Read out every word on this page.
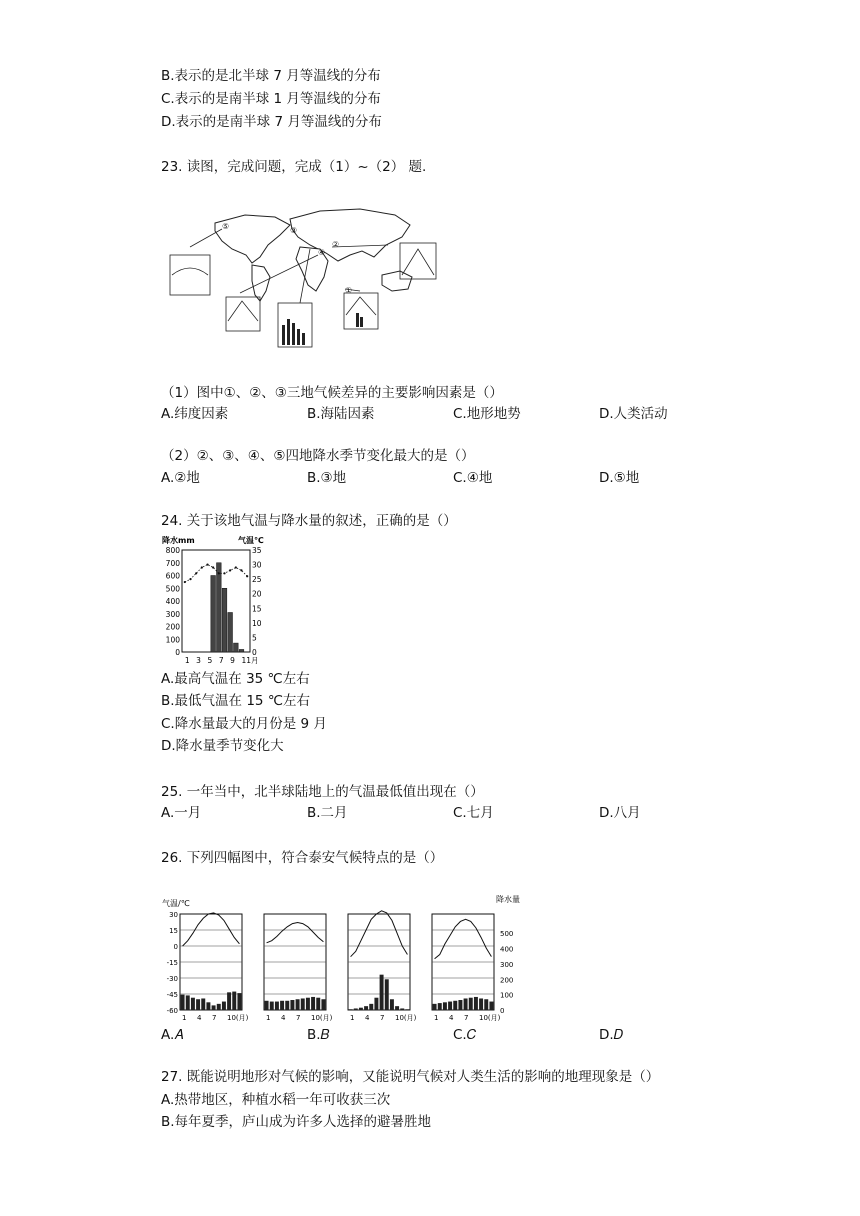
B.表示的是北半球 7 月等温线的分布
C.表示的是南半球 1 月等温线的分布
D.表示的是南半球 7 月等温线的分布
23. 读图，完成问题，完成（1）~（2） 题.
⑤
②
④
③
①
（1）图中①、②、③三地气候差异的主要影响因素是（）
A.纬度因素	B.海陆因素	C.地形地势	D.人类活动
（2）②、③、④、⑤四地降水季节变化最大的是（）
A.②地	B.③地	C.④地	D.⑤地
24. 关于该地气温与降水量的叙述，正确的是（）
降水mm	气温℃
800
700
600
500
400
300
200
100
0
35
30
25
20
15
10
5
0
1 3 5 7 9 11月
A.最高气温在 35 ℃左右
B.最低气温在 15 ℃左右
C.降水量最大的月份是 9 月
D.降水量季节变化大
25. 一年当中，北半球陆地上的气温最低值出现在（）
A.一月	B.二月	C.七月	D.八月
26. 下列四幅图中，符合泰安气候特点的是（）
气温/℃	降水量
30
15
0
-15
-30
-45
-60
500
400
300
200
100
0
1 4 7 10(月)	1 4 7 10(月)	1 4 7 10(月)	1 4 7 10(月)
A.𝐴	B.𝐵	C.𝐶	D.𝐷
27. 既能说明地形对气候的影响，又能说明气候对人类生活的影响的地理现象是（）
A.热带地区，种植水稻一年可收获三次
B.每年夏季，庐山成为许多人选择的避暑胜地
